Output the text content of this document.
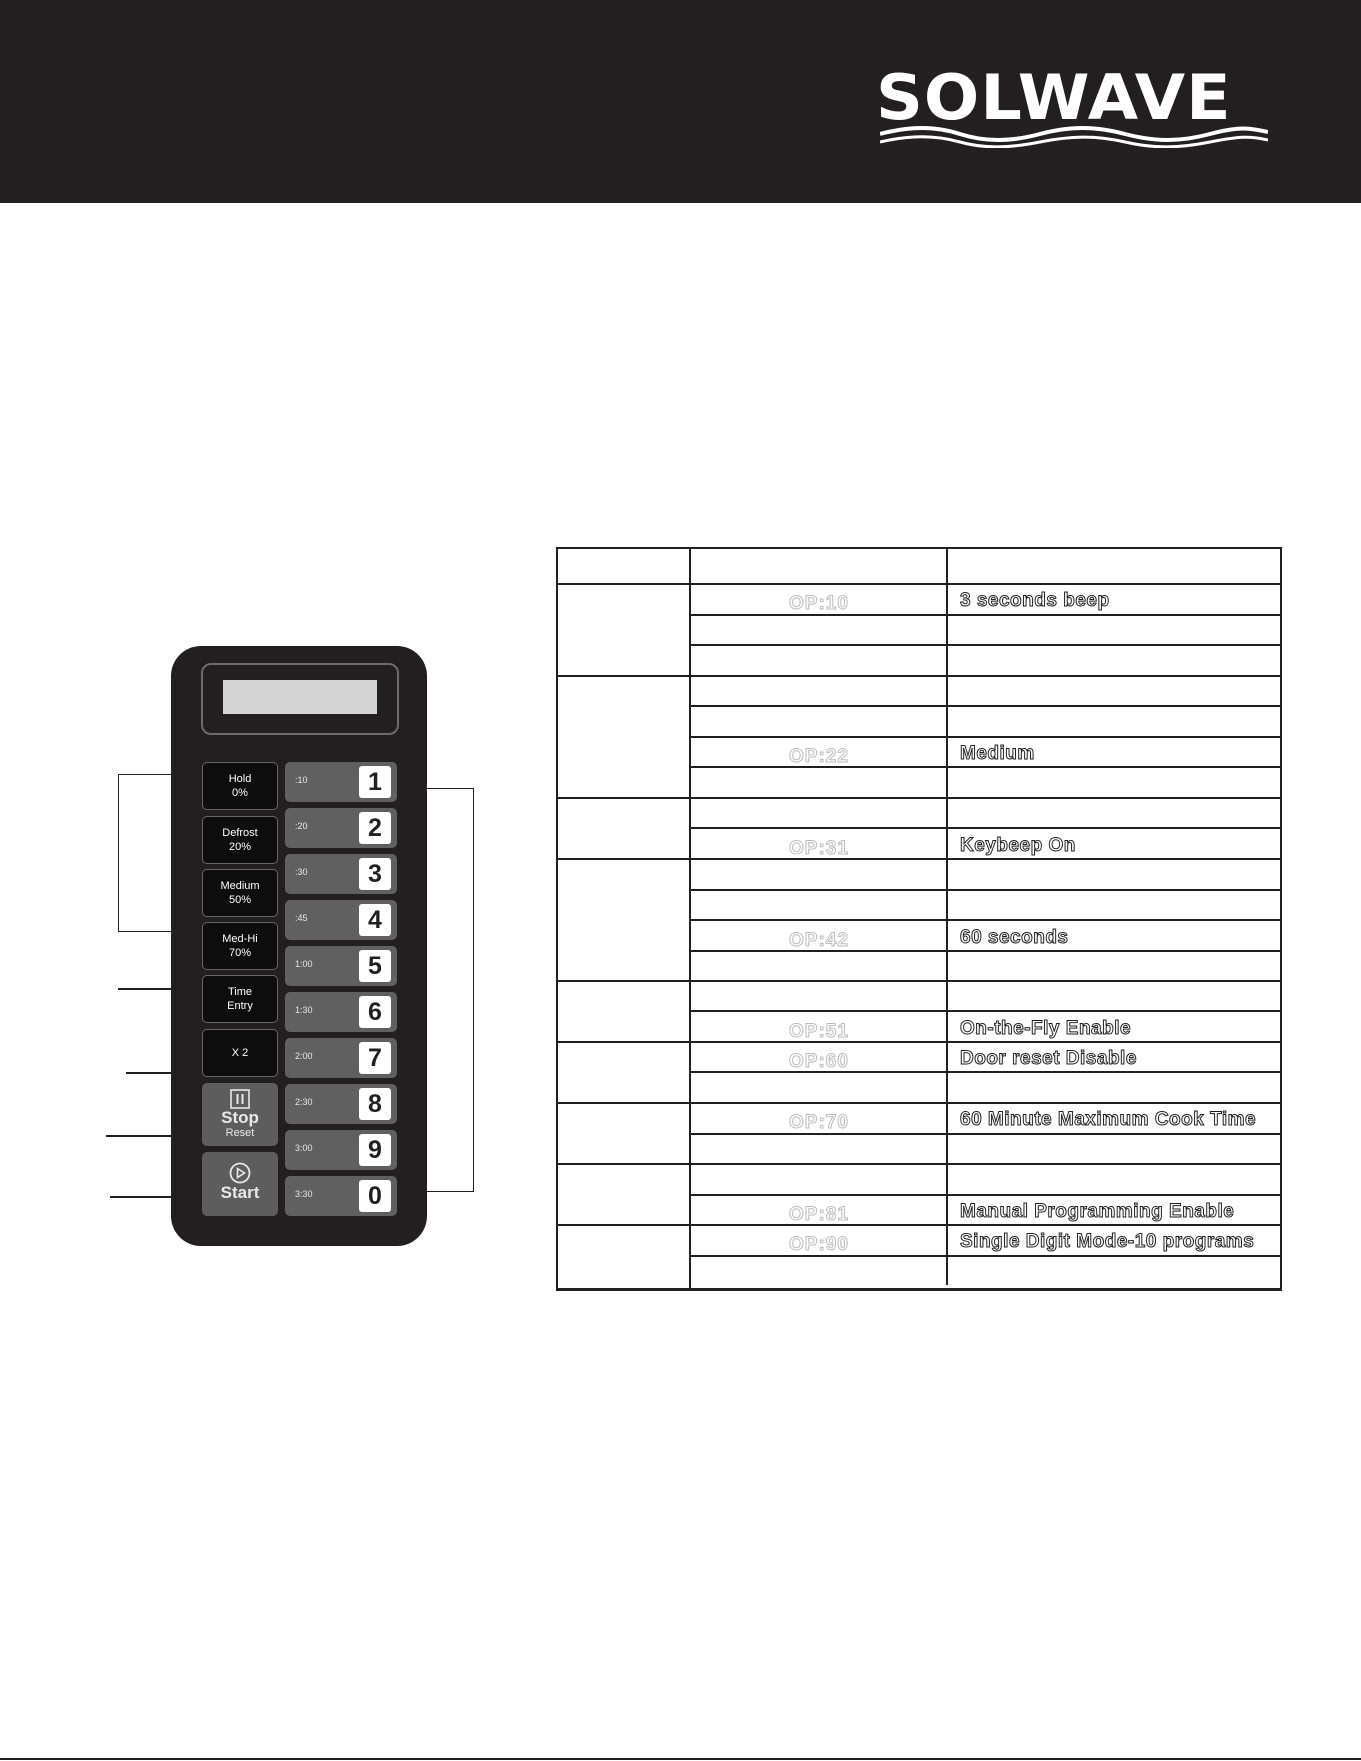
SOLWAVE
Hold
0%
Defrost
20%
Medium
50%
Med-Hi
70%
Time
Entry
X 2
Stop
Reset
Start
:10	1
:20	2
:30	3
:45	4
1:00	5
1:30	6
2:00	7
2:30	8
3:00	9
3:30	0
OP:10	3 seconds beep
OP:22	Medium
OP:31	Keybeep On
OP:42	60 seconds
OP:51	On-the-Fly Enable
OP:60	Door reset Disable
OP:70	60 Minute Maximum Cook Time
OP:81	Manual Programming Enable
OP:90	Single Digit Mode-10 programs
